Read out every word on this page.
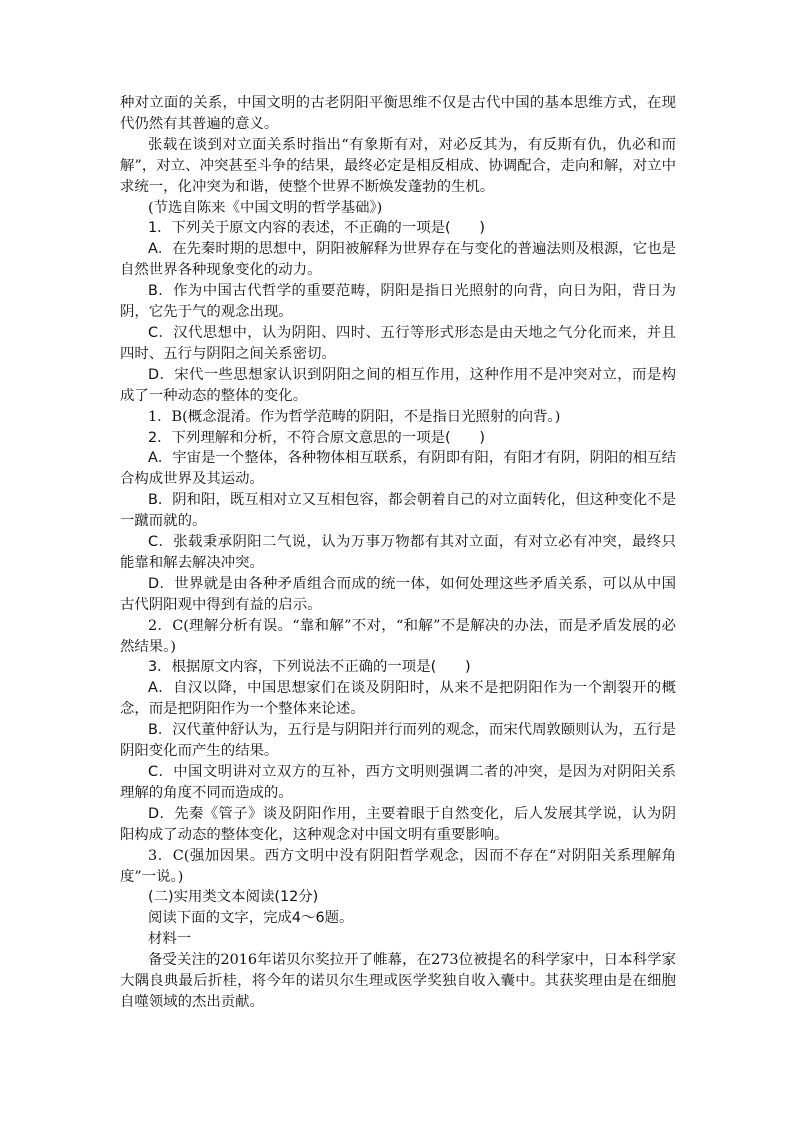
种对立面的关系，中国文明的古老阴阳平衡思维不仅是古代中国的基本思维方式，在现代仍然有其普遍的意义。

张载在谈到对立面关系时指出“有象斯有对，对必反其为，有反斯有仇，仇必和而解”，对立、冲突甚至斗争的结果，最终必定是相反相成、协调配合，走向和解，对立中求统一，化冲突为和谐，使整个世界不断焕发蓬勃的生机。

(节选自陈来《中国文明的哲学基础》)

1．下列关于原文内容的表述，不正确的一项是(　　)

A．在先秦时期的思想中，阴阳被解释为世界存在与变化的普遍法则及根源，它也是自然世界各种现象变化的动力。

B．作为中国古代哲学的重要范畴，阴阳是指日光照射的向背，向日为阳，背日为阴，它先于气的观念出现。

C．汉代思想中，认为阴阳、四时、五行等形式形态是由天地之气分化而来，并且四时、五行与阴阳之间关系密切。

D．宋代一些思想家认识到阴阳之间的相互作用，这种作用不是冲突对立，而是构成了一种动态的整体的变化。

1．B(概念混淆。作为哲学范畴的阴阳，不是指日光照射的向背。)

2．下列理解和分析，不符合原文意思的一项是(　　)

A．宇宙是一个整体，各种物体相互联系，有阴即有阳，有阳才有阴，阴阳的相互结合构成世界及其运动。

B．阴和阳，既互相对立又互相包容，都会朝着自己的对立面转化，但这种变化不是一蹴而就的。

C．张载秉承阴阳二气说，认为万事万物都有其对立面，有对立必有冲突，最终只能靠和解去解决冲突。

D．世界就是由各种矛盾组合而成的统一体，如何处理这些矛盾关系，可以从中国古代阴阳观中得到有益的启示。

2．C(理解分析有误。“靠和解”不对，“和解”不是解决的办法，而是矛盾发展的必然结果。)

3．根据原文内容，下列说法不正确的一项是(　　)

A．自汉以降，中国思想家们在谈及阴阳时，从来不是把阴阳作为一个割裂开的概念，而是把阴阳作为一个整体来论述。

B．汉代董仲舒认为，五行是与阴阳并行而列的观念，而宋代周敦颐则认为，五行是阴阳变化而产生的结果。

C．中国文明讲对立双方的互补，西方文明则强调二者的冲突，是因为对阴阳关系理解的角度不同而造成的。

D．先秦《管子》谈及阴阳作用，主要着眼于自然变化，后人发展其学说，认为阴阳构成了动态的整体变化，这种观念对中国文明有重要影响。

3．C(强加因果。西方文明中没有阴阳哲学观念，因而不存在“对阴阳关系理解角度”一说。)

(二)实用类文本阅读(12分)

阅读下面的文字，完成4～6题。

材料一

备受关注的2016年诺贝尔奖拉开了帷幕，在273位被提名的科学家中，日本科学家大隅良典最后折桂，将今年的诺贝尔生理或医学奖独自收入囊中。其获奖理由是在细胞自噬领域的杰出贡献。
